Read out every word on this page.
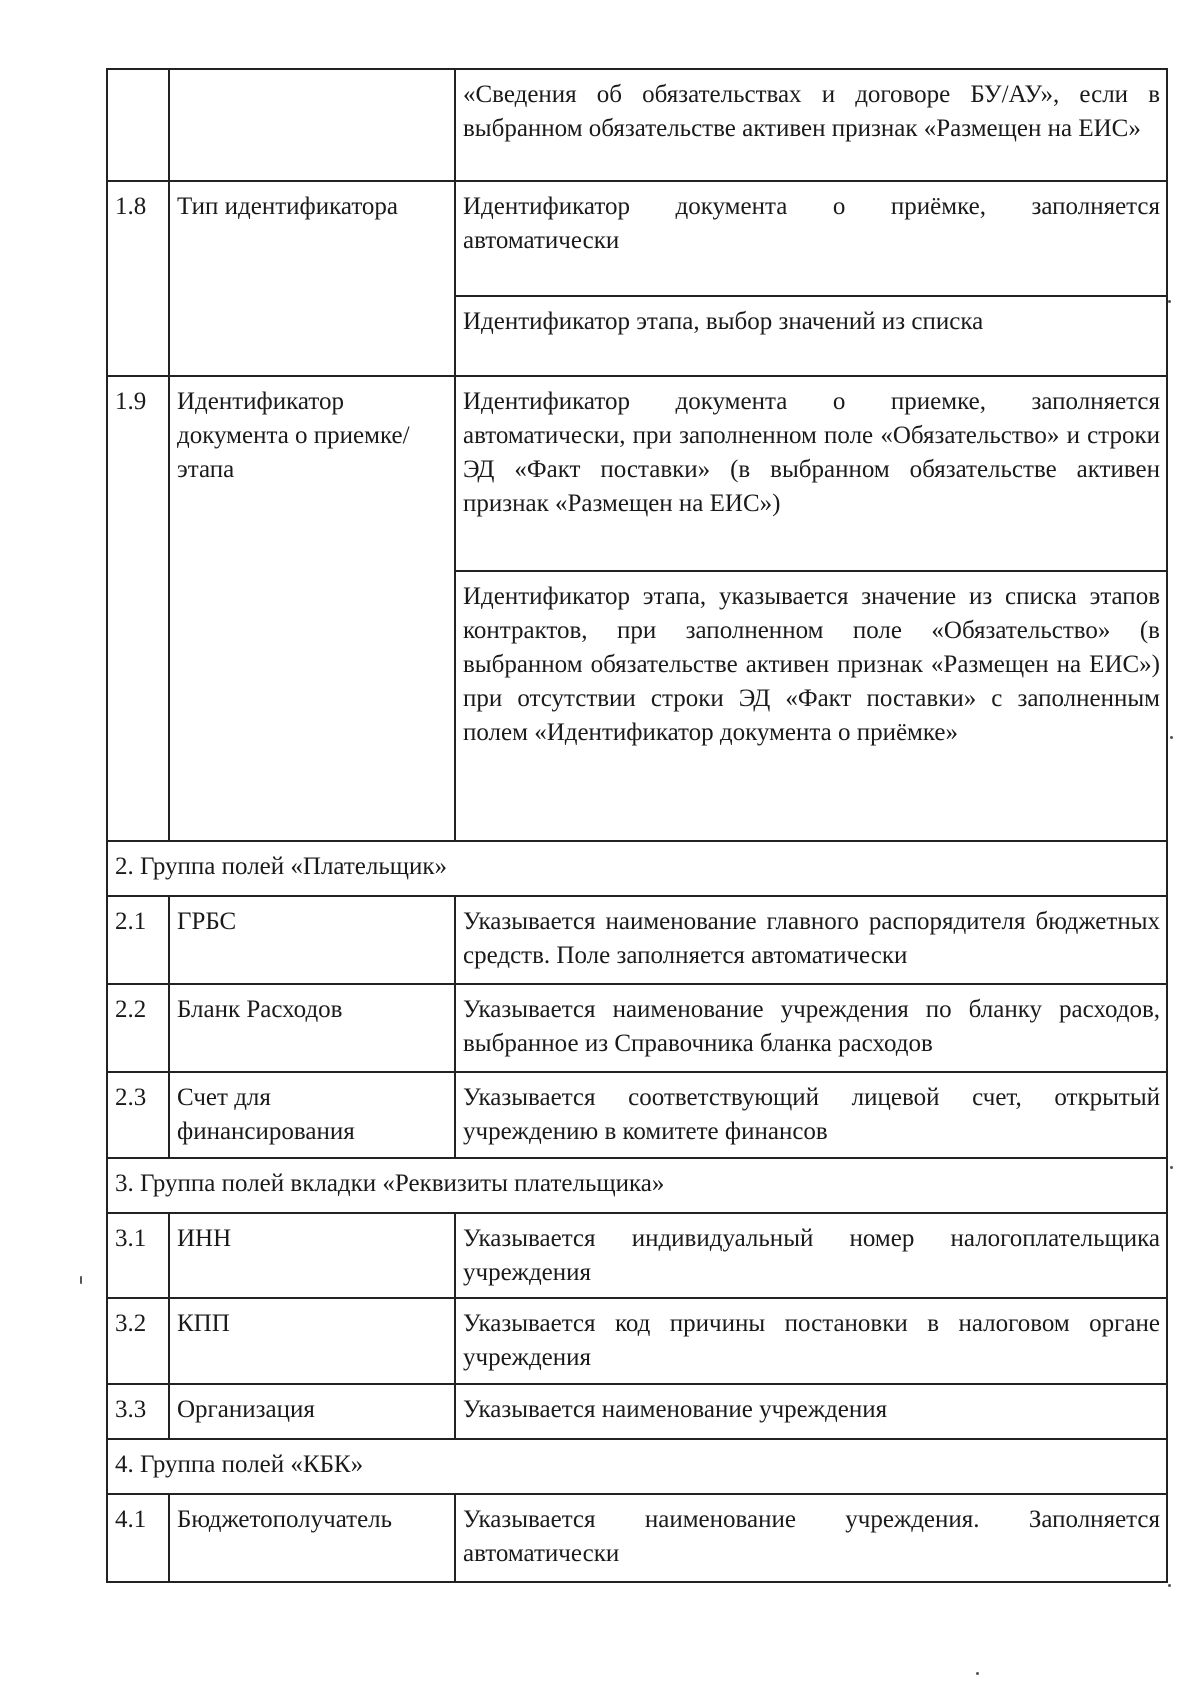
		«Сведения об обязательствах и договоре БУ/АУ», если в выбранном обязательстве активен признак «Размещен на ЕИС»
1.8	Тип идентификатора	Идентификатор документа о приёмке, заполняется автоматически
		Идентификатор этапа, выбор значений из списка
1.9	Идентификатор документа о приемке/этапа	Идентификатор документа о приемке, заполняется автоматически, при заполненном поле «Обязательство» и строки ЭД «Факт поставки» (в выбранном обязательстве активен признак «Размещен на ЕИС»)
		Идентификатор этапа, указывается значение из списка этапов контрактов, при заполненном поле «Обязательство» (в выбранном обязательстве активен признак «Размещен на ЕИС») при отсутствии строки ЭД «Факт поставки» с заполненным полем «Идентификатор документа о приёмке»
2. Группа полей «Плательщик»		
2.1	ГРБС	Указывается наименование главного распорядителя бюджетных средств. Поле заполняется автоматически
2.2	Бланк Расходов	Указывается наименование учреждения по бланку расходов, выбранное из Справочника бланка расходов
2.3	Счет для финансирования	Указывается соответствующий лицевой счет, открытый учреждению в комитете финансов
3. Группа полей вкладки «Реквизиты плательщика»		
3.1	ИНН	Указывается индивидуальный номер налогоплательщика учреждения
3.2	КПП	Указывается код причины постановки в налоговом органе учреждения
3.3	Организация	Указывается наименование учреждения
4. Группа полей «КБК»		
4.1	Бюджетополучатель	Указывается наименование учреждения. Заполняется автоматически
